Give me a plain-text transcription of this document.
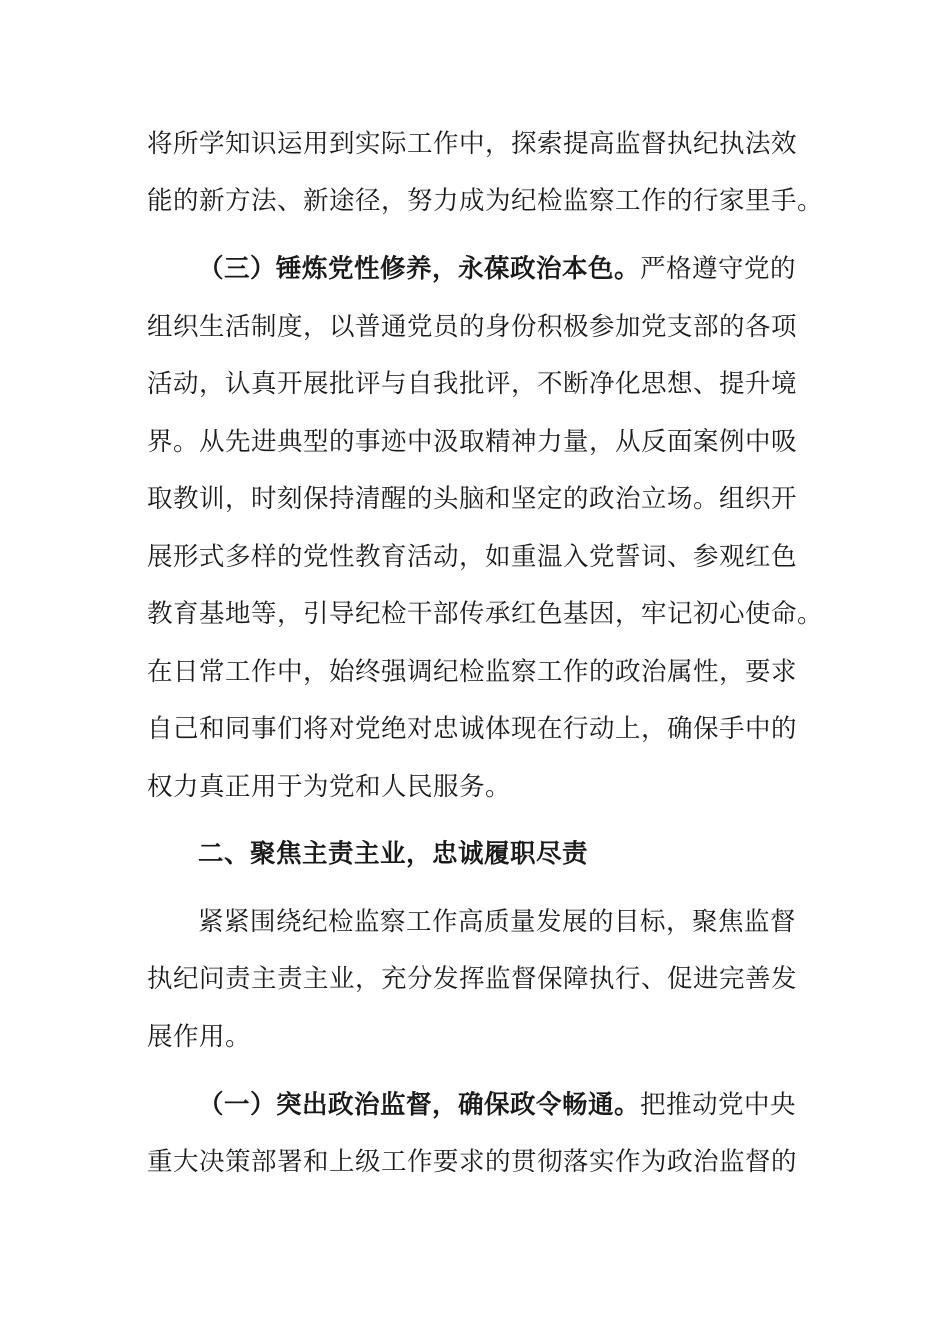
将所学知识运用到实际工作中，探索提高监督执纪执法效
能的新方法、新途径，努力成为纪检监察工作的行家里手。
（三）锤炼党性修养，永葆政治本色。严格遵守党的
组织生活制度，以普通党员的身份积极参加党支部的各项
活动，认真开展批评与自我批评，不断净化思想、提升境
界。从先进典型的事迹中汲取精神力量，从反面案例中吸
取教训，时刻保持清醒的头脑和坚定的政治立场。组织开
展形式多样的党性教育活动，如重温入党誓词、参观红色
教育基地等，引导纪检干部传承红色基因，牢记初心使命。
在日常工作中，始终强调纪检监察工作的政治属性，要求
自己和同事们将对党绝对忠诚体现在行动上，确保手中的
权力真正用于为党和人民服务。
二、聚焦主责主业，忠诚履职尽责
紧紧围绕纪检监察工作高质量发展的目标，聚焦监督
执纪问责主责主业，充分发挥监督保障执行、促进完善发
展作用。
（一）突出政治监督，确保政令畅通。把推动党中央
重大决策部署和上级工作要求的贯彻落实作为政治监督的
